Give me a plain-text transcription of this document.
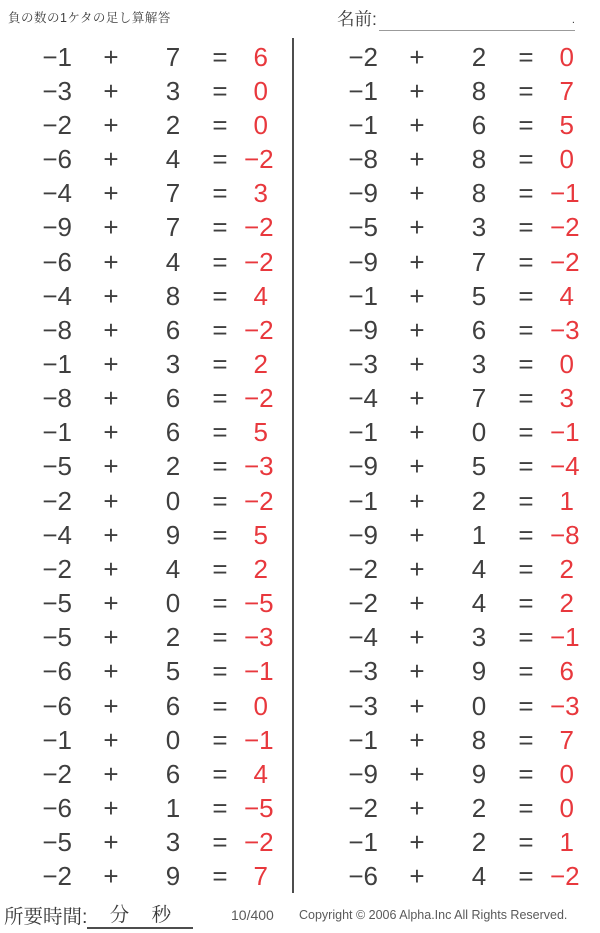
負の数の1ケタの足し算解答	名前:	.
−1	+	7	= 6
−3	+	3	= 0
−2	+	2	= 0
−6	+	4	= −2
−4	+	7	= 3
−9	+	7	= −2
−6	+	4	= −2
−4	+	8	= 4
−8	+	6	= −2
−1	+	3	= 2
−8	+	6	= −2
−1	+	6	= 5
−5	+	2	= −3
−2	+	0	= −2
−4	+	9	= 5
−2	+	4	= 2
−5	+	0	= −5
−5	+	2	= −3
−6	+	5	= −1
−6	+	6	= 0
−1	+	0	= −1
−2	+	6	= 4
−6	+	1	= −5
−5	+	3	= −2
−2	+	9	= 7
−2	+	2	= 0
−1	+	8	= 7
−1	+	6	= 5
−8	+	8	= 0
−9	+	8	= −1
−5	+	3	= −2
−9	+	7	= −2
−1	+	5	= 4
−9	+	6	= −3
−3	+	3	= 0
−4	+	7	= 3
−1	+	0	= −1
−9	+	5	= −4
−1	+	2	= 1
−9	+	1	= −8
−2	+	4	= 2
−2	+	4	= 2
−4	+	3	= −1
−3	+	9	= 6
−3	+	0	= −3
−1	+	8	= 7
−9	+	9	= 0
−2	+	2	= 0
−1	+	2	= 1
−6	+	4	= −2
所要時間: 分 秒	10/400 Copyright © 2006 Alpha.Inc All Rights Reserved.
